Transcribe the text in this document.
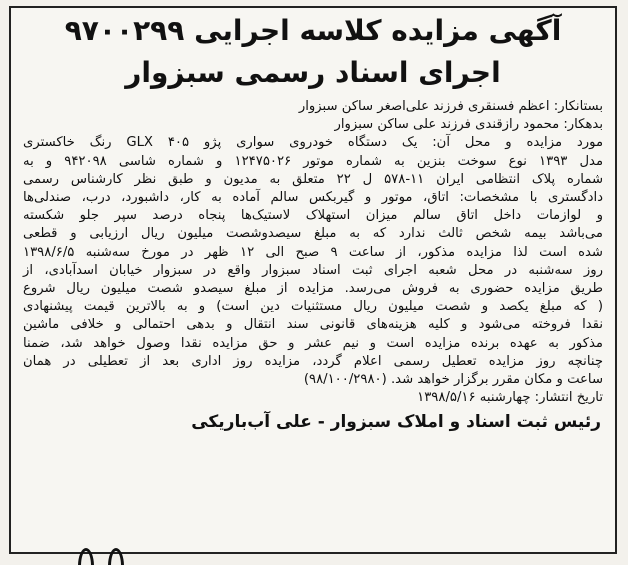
آگهی مزایده کلاسه اجرایی ۹۷۰۰۲۹۹
اجرای اسناد رسمی سبزوار
بستانکار: اعظم فسنقری فرزند علی‌اصغر ساکن سبزوار
بدهکار: محمود رازقندی فرزند علی ساکن سبزوار
مورد مزایده و محل آن: یک دستگاه خودروی سواری پژو GLX ۴۰۵ رنگ خاکستری
مدل ۱۳۹۳ نوع سوخت بنزین به شماره موتور ۱۲۴۷۵۰۲۶ و شماره شاسی ۹۴۲۰۹۸ و به
شماره پلاک انتظامی ایران ۱۱-۵۷۸ ل ۲۲ متعلق به مدیون و طبق نظر کارشناس رسمی
دادگستری با مشخصات: اتاق، موتور و گیربکس سالم آماده به کار، داشبورد، درب، صندلی‌ها
و لوازمات داخل اتاق سالم میزان استهلاک لاستیک‌ها پنجاه درصد سپر جلو شکسته
می‌باشد بیمه شخص ثالث ندارد که به مبلغ سیصدوشصت میلیون ریال ارزیابی و قطعی
شده است لذا مزایده مذکور، از ساعت ۹ صبح الی ۱۲ ظهر در مورخ سه‌شنبه ۱۳۹۸/۶/۵
روز سه‌شنبه در محل شعبه اجرای ثبت اسناد سبزوار واقع در سبزوار خیابان اسدآبادی، از
طریق مزایده حضوری به فروش می‌رسد. مزایده از مبلغ سیصدو شصت میلیون ریال شروع
( که مبلغ یکصد و شصت میلیون ریال مستثنیات دین است) و به بالاترین قیمت پیشنهادی
نقدا فروخته می‌شود و کلیه هزینه‌های قانونی سند انتقال و بدهی احتمالی و خلافی ماشین
مذکور به عهده برنده مزایده است و نیم عشر و حق مزایده نقدا وصول خواهد شد، ضمنا
چنانچه روز مزایده تعطیل رسمی اعلام گردد، مزایده روز اداری بعد از تعطیلی در همان
ساعت و مکان مقرر برگزار خواهد شد. (۹۸/۱۰۰/۲۹۸۰)
تاریخ انتشار: چهارشنبه ۱۳۹۸/۵/۱۶
رئیس ثبت اسناد و املاک سبزوار - علی آب‌باریکی
